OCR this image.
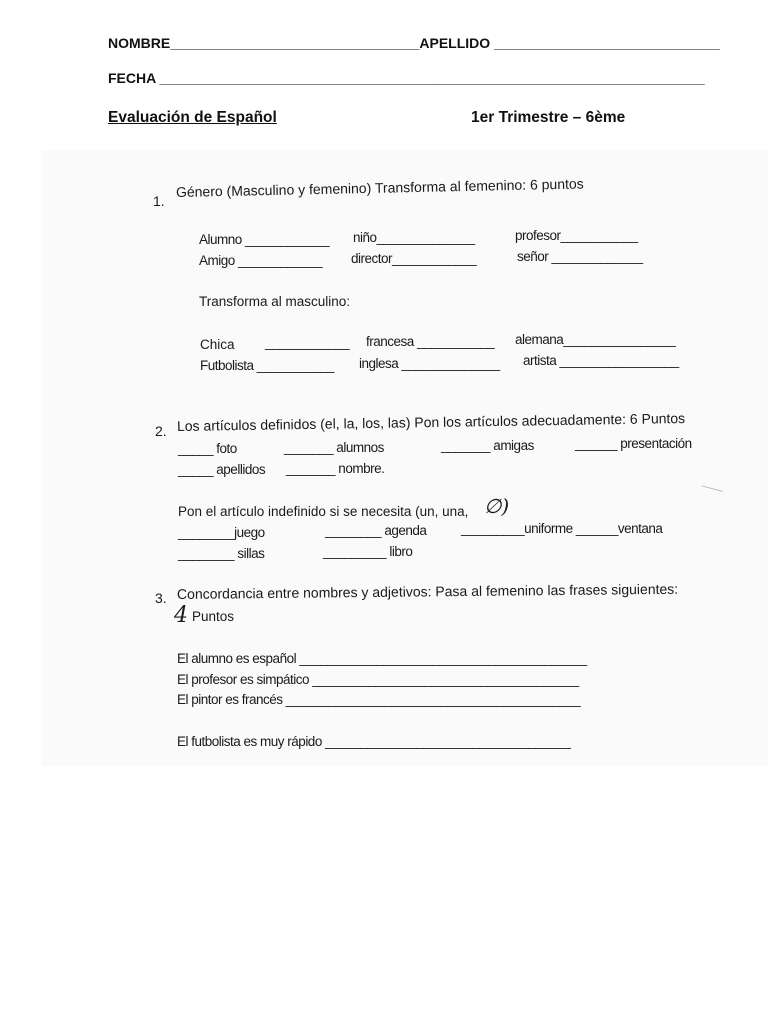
NOMBRE________________________________APELLIDO _____________________________
FECHA ______________________________________________________________________
Evaluación de Español	1er Trimestre – 6ème
1.
Género (Masculino y femenino) Transforma al femenino: 6 puntos
Alumno ____________ niño______________	profesor___________
Amigo ____________ director____________	señor _____________
Transforma al masculino:
Chica ____________ francesa ___________ alemana________________
Futbolista ___________ inglesa ______________ artista _________________
2. Los artículos definidos (el, la, los, las) Pon los artículos adecuadamente: 6 Puntos
_____ foto	_______ alumnos	_______ amigas	______ presentación
_____ apellidos _______ nombre.
Pon el artículo indefinido si se necesita (un, una, ∅)
________juego	________ agenda	_________uniforme ______ventana
________ sillas	_________ libro
3. Concordancia entre nombres y adjetivos: Pasa al femenino las frases siguientes:
4 Puntos
El alumno es español _________________________________________
El profesor es simpático ______________________________________
El pintor es francés __________________________________________
El futbolista es muy rápido ___________________________________
